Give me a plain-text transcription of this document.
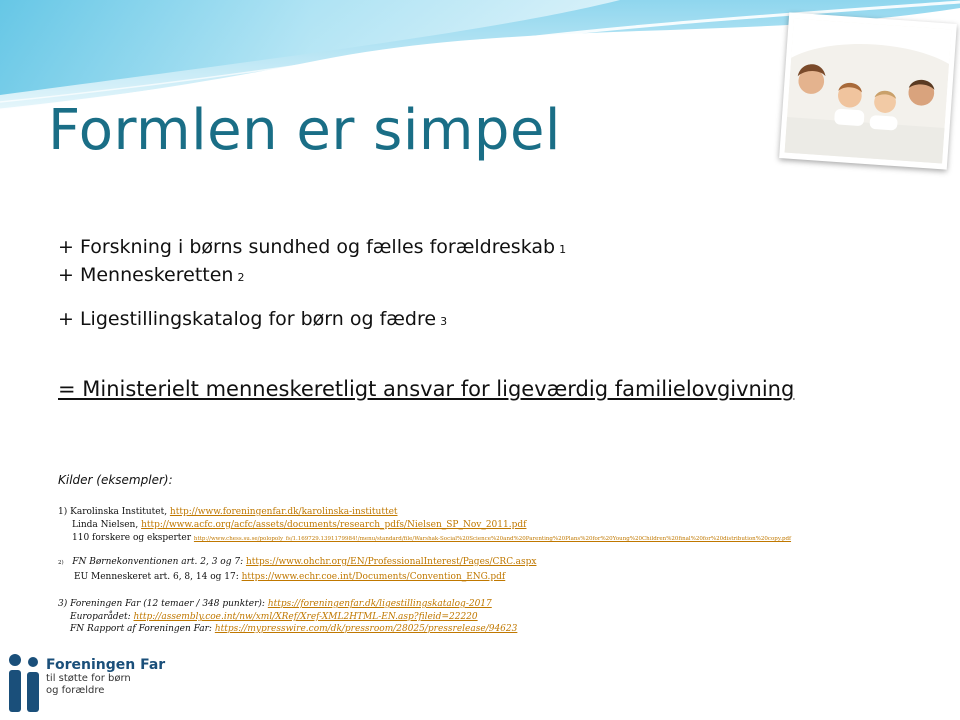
Formlen er simpel
+ Forskning i børns sundhed og fælles forældreskab 1
+ Menneskeretten 2
+ Ligestillingskatalog for børn og fædre 3
= Ministerielt menneskeretligt ansvar for ligeværdig familielovgivning
Kilder (eksempler):
1) Karolinska Institutet, http://www.foreningenfar.dk/karolinska-instituttet
Linda Nielsen, http://www.acfc.org/acfc/assets/documents/research_pdfs/Nielsen_SP_Nov_2011.pdf
110 forskere og eksperter http://www.chess.su.se/polopoly_fs/1.169729.1391179984!/menu/standard/file/Warshak-Social%20Science%20and%20Parenting%20Plans%20for%20Young%20Children%20final%20for%20distribution%20copy.pdf
2) FN Børnekonventionen art. 2, 3 og 7: https://www.ohchr.org/EN/ProfessionalInterest/Pages/CRC.aspx
EU Menneskeret art. 6, 8, 14 og 17: https://www.echr.coe.int/Documents/Convention_ENG.pdf
3) Foreningen Far (12 temaer / 348 punkter): https://foreningenfar.dk/ligestillingskatalog-2017
Europarådet: http://assembly.coe.int/nw/xml/XRef/Xref-XML2HTML-EN.asp?fileid=22220
FN Rapport af Foreningen Far: https://mypresswire.com/dk/pressroom/28025/pressrelease/94623
Foreningen Far
til støtte for børn
og forældre
